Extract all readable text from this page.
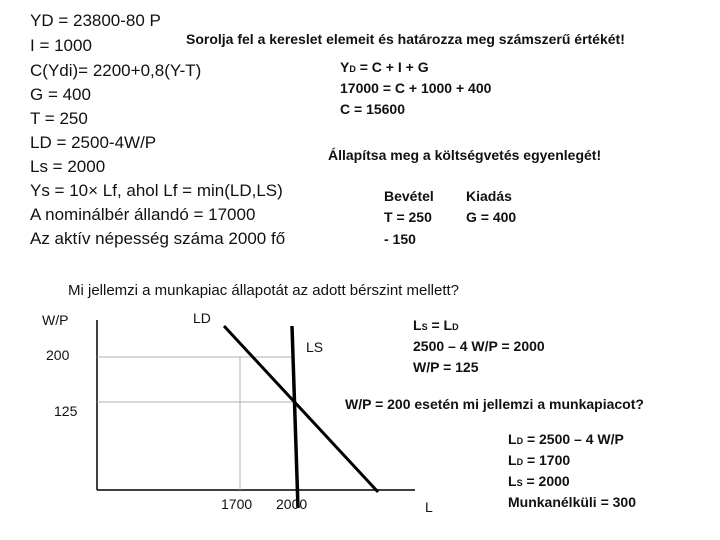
YD = 23800-80 P
I = 1000
C(Ydi)= 2200+0,8(Y-T)
G = 400
T = 250
LD = 2500-4W/P
Ls = 2000
Ys = 10× Lf, ahol Lf = min(LD,LS)
A nominálbér állandó = 17000
Az aktív népesség száma 2000 fő
Sorolja fel a kereslet elemeit és határozza meg számszerű értékét!
YD = C + I + G
17000 = C + 1000 + 400
C = 15600
Állapítsa meg a költségvetés egyenlegét!
Bevétel Kiadás
T = 250 G = 400
- 150
Mi jellemzi a munkapiac állapotát az adott bérszint mellett?
W/P	LD
LS
200
125
1700 2000	L
LS = LD
2500 – 4 W/P = 2000
W/P = 125
W/P = 200 esetén mi jellemzi a munkapiacot?
LD = 2500 – 4 W/P
LD = 1700
LS = 2000
Munkanélküli = 300
